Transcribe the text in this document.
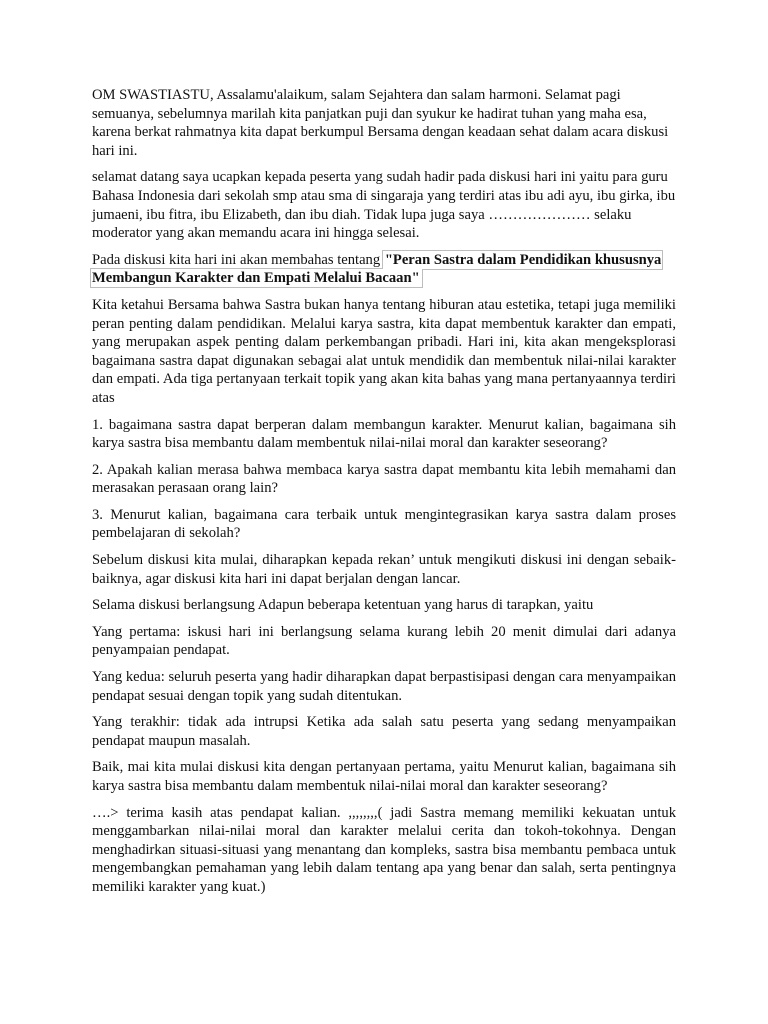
OM SWASTIASTU, Assalamu'alaikum, salam Sejahtera dan salam harmoni. Selamat pagi semuanya, sebelumnya marilah kita panjatkan puji dan syukur ke hadirat tuhan yang maha esa, karena berkat rahmatnya kita dapat berkumpul Bersama dengan keadaan sehat dalam acara diskusi hari ini.

selamat datang saya ucapkan kepada peserta yang sudah hadir pada diskusi hari ini yaitu para guru Bahasa Indonesia dari sekolah smp atau sma di singaraja yang terdiri atas ibu adi ayu, ibu girka, ibu jumaeni, ibu fitra, ibu Elizabeth, dan ibu diah. Tidak lupa juga saya ………………… selaku moderator yang akan memandu acara ini hingga selesai.

Pada diskusi kita hari ini akan membahas tentang "Peran Sastra dalam Pendidikan khususnya Membangun Karakter dan Empati Melalui Bacaan"

Kita ketahui Bersama bahwa Sastra bukan hanya tentang hiburan atau estetika, tetapi juga memiliki peran penting dalam pendidikan. Melalui karya sastra, kita dapat membentuk karakter dan empati, yang merupakan aspek penting dalam perkembangan pribadi. Hari ini, kita akan mengeksplorasi bagaimana sastra dapat digunakan sebagai alat untuk mendidik dan membentuk nilai-nilai karakter dan empati. Ada tiga pertanyaan terkait topik yang akan kita bahas yang mana pertanyaannya terdiri atas

1. bagaimana sastra dapat berperan dalam membangun karakter. Menurut kalian, bagaimana sih karya sastra bisa membantu dalam membentuk nilai-nilai moral dan karakter seseorang?

2. Apakah kalian merasa bahwa membaca karya sastra dapat membantu kita lebih memahami dan merasakan perasaan orang lain?

3. Menurut kalian, bagaimana cara terbaik untuk mengintegrasikan karya sastra dalam proses pembelajaran di sekolah?

Sebelum diskusi kita mulai, diharapkan kepada rekan’ untuk mengikuti diskusi ini dengan sebaik-baiknya, agar diskusi kita hari ini dapat berjalan dengan lancar.

Selama diskusi berlangsung Adapun beberapa ketentuan yang harus di tarapkan, yaitu

Yang pertama: iskusi hari ini berlangsung selama kurang lebih 20 menit dimulai dari adanya penyampaian pendapat.

Yang kedua: seluruh peserta yang hadir diharapkan dapat berpastisipasi dengan cara menyampaikan pendapat sesuai dengan topik yang sudah ditentukan.

Yang terakhir: tidak ada intrupsi Ketika ada salah satu peserta yang sedang menyampaikan pendapat maupun masalah.

Baik, mai kita mulai diskusi kita dengan pertanyaan pertama, yaitu Menurut kalian, bagaimana sih karya sastra bisa membantu dalam membentuk nilai-nilai moral dan karakter seseorang?

….> terima kasih atas pendapat kalian. ,,,,,,,,( jadi Sastra memang memiliki kekuatan untuk menggambarkan nilai-nilai moral dan karakter melalui cerita dan tokoh-tokohnya. Dengan menghadirkan situasi-situasi yang menantang dan kompleks, sastra bisa membantu pembaca untuk mengembangkan pemahaman yang lebih dalam tentang apa yang benar dan salah, serta pentingnya memiliki karakter yang kuat.)
